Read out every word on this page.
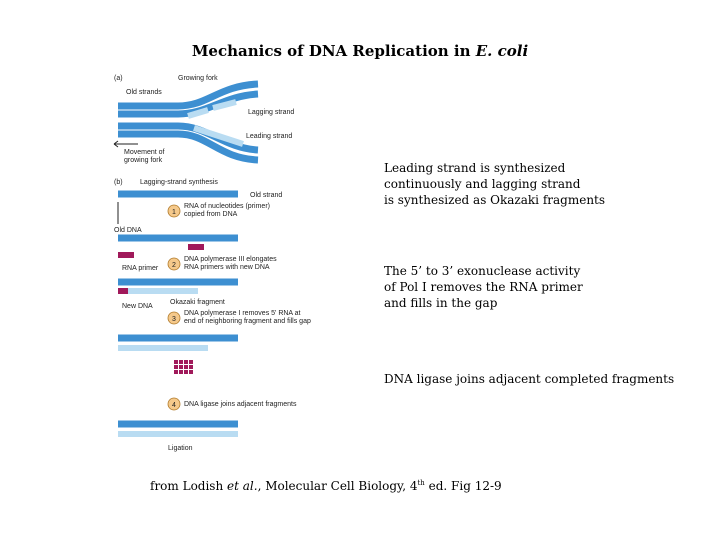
Mechanics of DNA Replication in E. coli
(a)	Growing fork
Old strands
Lagging strand
Leading strand
Movement of
growing fork
(b) Lagging-strand synthesis
Old strand
1
RNA of nucleotides (primer)
copied from DNA
Old DNA
RNA primer 2
DNA polymerase III elongates
RNA primers with new DNA
New DNA
Okazaki fragment
3
DNA polymerase I removes 5' RNA at
end of neighboring fragment and fills gap
4 DNA ligase joins adjacent fragments
Ligation
Leading strand is synthesized
continuously and lagging strand
is synthesized as Okazaki fragments
The 5’ to 3’ exonuclease activity
of Pol I removes the RNA primer
and fills in the gap
DNA ligase joins adjacent completed fragments
from Lodish et al., Molecular Cell Biology, 4th ed. Fig 12-9
